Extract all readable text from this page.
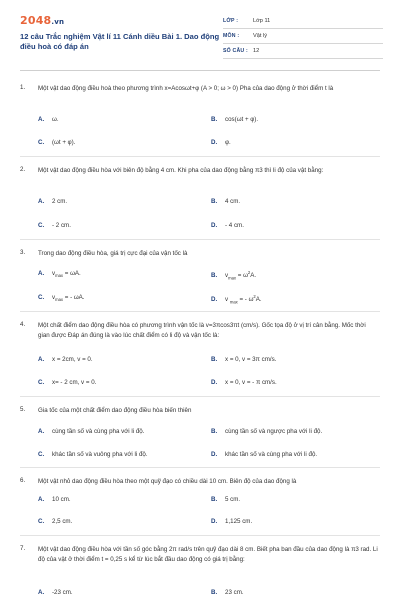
2048.vn
12 câu Trắc nghiệm Vật lí 11 Cánh diều Bài 1. Dao động điều hoà có đáp án
LỚP :	Lớp 11
MÔN :	Vật lý
SỐ CÂU : 12
1. Một vật dao động điều hoà theo phương trình x=Acosωt+φ (A > 0; ω > 0) Pha của dao động ở thời điểm t là
A. ω.	B. cos(ωt + φ).
C. (ωt + φ).	D. φ.
2. Một vật dao động điều hòa với biên độ bằng 4 cm. Khi pha của dao động bằng π3 thì li độ của vật bằng:
A. 2 cm.	B. 4 cm.
C. - 2 cm.	D. - 4 cm.
3. Trong dao động điều hòa, giá trị cực đại của vận tốc là
A. $v_{max} = \omega A$.	B. $v_{max} = \omega^2A$.
C. $v_{max}$ = - ωA.	D. v $_{max}$ = - $\omega^2A$.
4. Một chất điểm dao động điều hòa có phương trình vận tốc là v=3πcos3πt (cm/s). Gốc tọa độ ở vị trí cân bằng. Mốc thời gian được Đáp án đúng là vào lúc chất điểm có li độ và vận tốc là:
A. x = 2cm, v = 0.	B. x = 0, v = 3π cm/s.
C. x= - 2 cm, v = 0.	D. x = 0, v = - π cm/s.
5. Gia tốc của một chất điểm dao động điều hòa biến thiên
A. cùng tần số và cùng pha với li độ.	B. cùng tần số và ngược pha với li độ.
C. khác tần số và vuông pha với li độ.	D. khác tần số và cùng pha với li độ.
6. Một vật nhỏ dao động điều hòa theo một quỹ đạo có chiều dài 10 cm. Biên độ của dao động là
A. 10 cm.	B. 5 cm.
C. 2,5 cm.	D. 1,125 cm.
7. Một vật dao động điều hòa với tần số góc bằng 2π rad/s trên quỹ đạo dài 8 cm. Biết pha ban đầu của dao động là π3 rad. Li độ của vật ở thời điểm t = 0,25 s kể từ lúc bắt đầu dao động có giá trị bằng:
A. -23 cm.	B. 23 cm.
